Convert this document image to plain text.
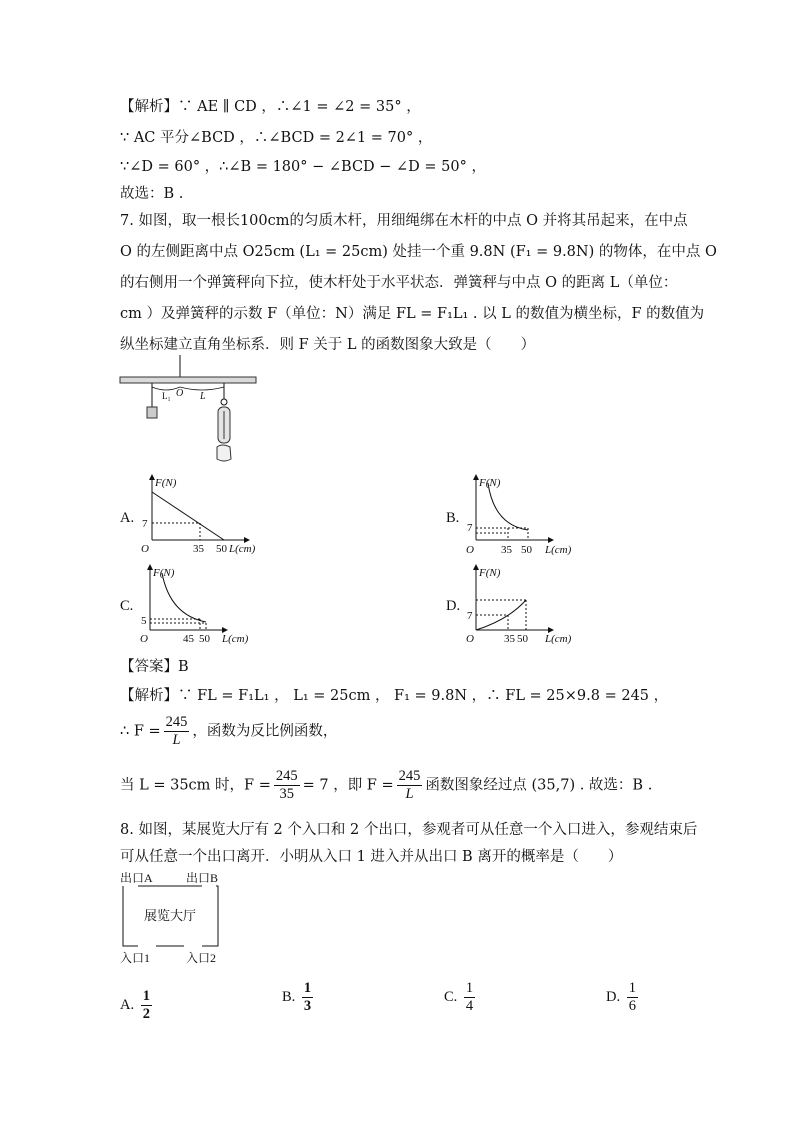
【解析】∵ AE ∥ CD ，∴∠1 = ∠2 = 35° ，
∵ AC 平分∠BCD ，∴∠BCD = 2∠1 = 70° ，
∵∠D = 60° ，∴∠B = 180° − ∠BCD − ∠D = 50° ，
故选：B .
7. 如图，取一根长100cm的匀质木杆，用细绳绑在木杆的中点 O 并将其吊起来，在中点
O 的左侧距离中点 O25cm (L₁ = 25cm) 处挂一个重 9.8N (F₁ = 9.8N) 的物体，在中点 O
的右侧用一个弹簧秤向下拉，使木杆处于水平状态．弹簧秤与中点 O 的距离 L（单位：
cm ）及弹簧秤的示数 F（单位：N）满足 FL = F₁L₁ . 以 L 的数值为横坐标，F 的数值为
纵坐标建立直角坐标系．则 F 关于 L 的函数图象大致是（　　）
L₁ O L
A.
F(N)
7
O	35 50 L(cm)
B.
F(N)
7
O 35 50 L(cm)
C.
F(N)
5
O	45 50 L(cm)
D.
F(N)
7
O	35 50 L(cm)
【答案】B
【解析】∵ FL = F₁L₁ ， L₁ = 25cm ， F₁ = 9.8N ，∴ FL = 25×9.8 = 245 ，
∴ $F = \frac{245}{L}$ ，函数为反比例函数，
当 L = 35cm 时，$F = \frac{245}{35} = 7$ ，即 $F = \frac{245}{L}$ 函数图象经过点 (35,7) . 故选：B .
8. 如图，某展览大厅有 2 个入口和 2 个出口，参观者可从任意一个入口进入，参观结束后
可从任意一个出口离开．小明从入口 1 进入并从出口 B 离开的概率是（　　）
出口A	出口B
展览大厅
入口1	入口2
A. $\frac{1}{2}$	B. $\frac{1}{3}$	C. $\frac{1}{4}$	D. $\frac{1}{6}$
